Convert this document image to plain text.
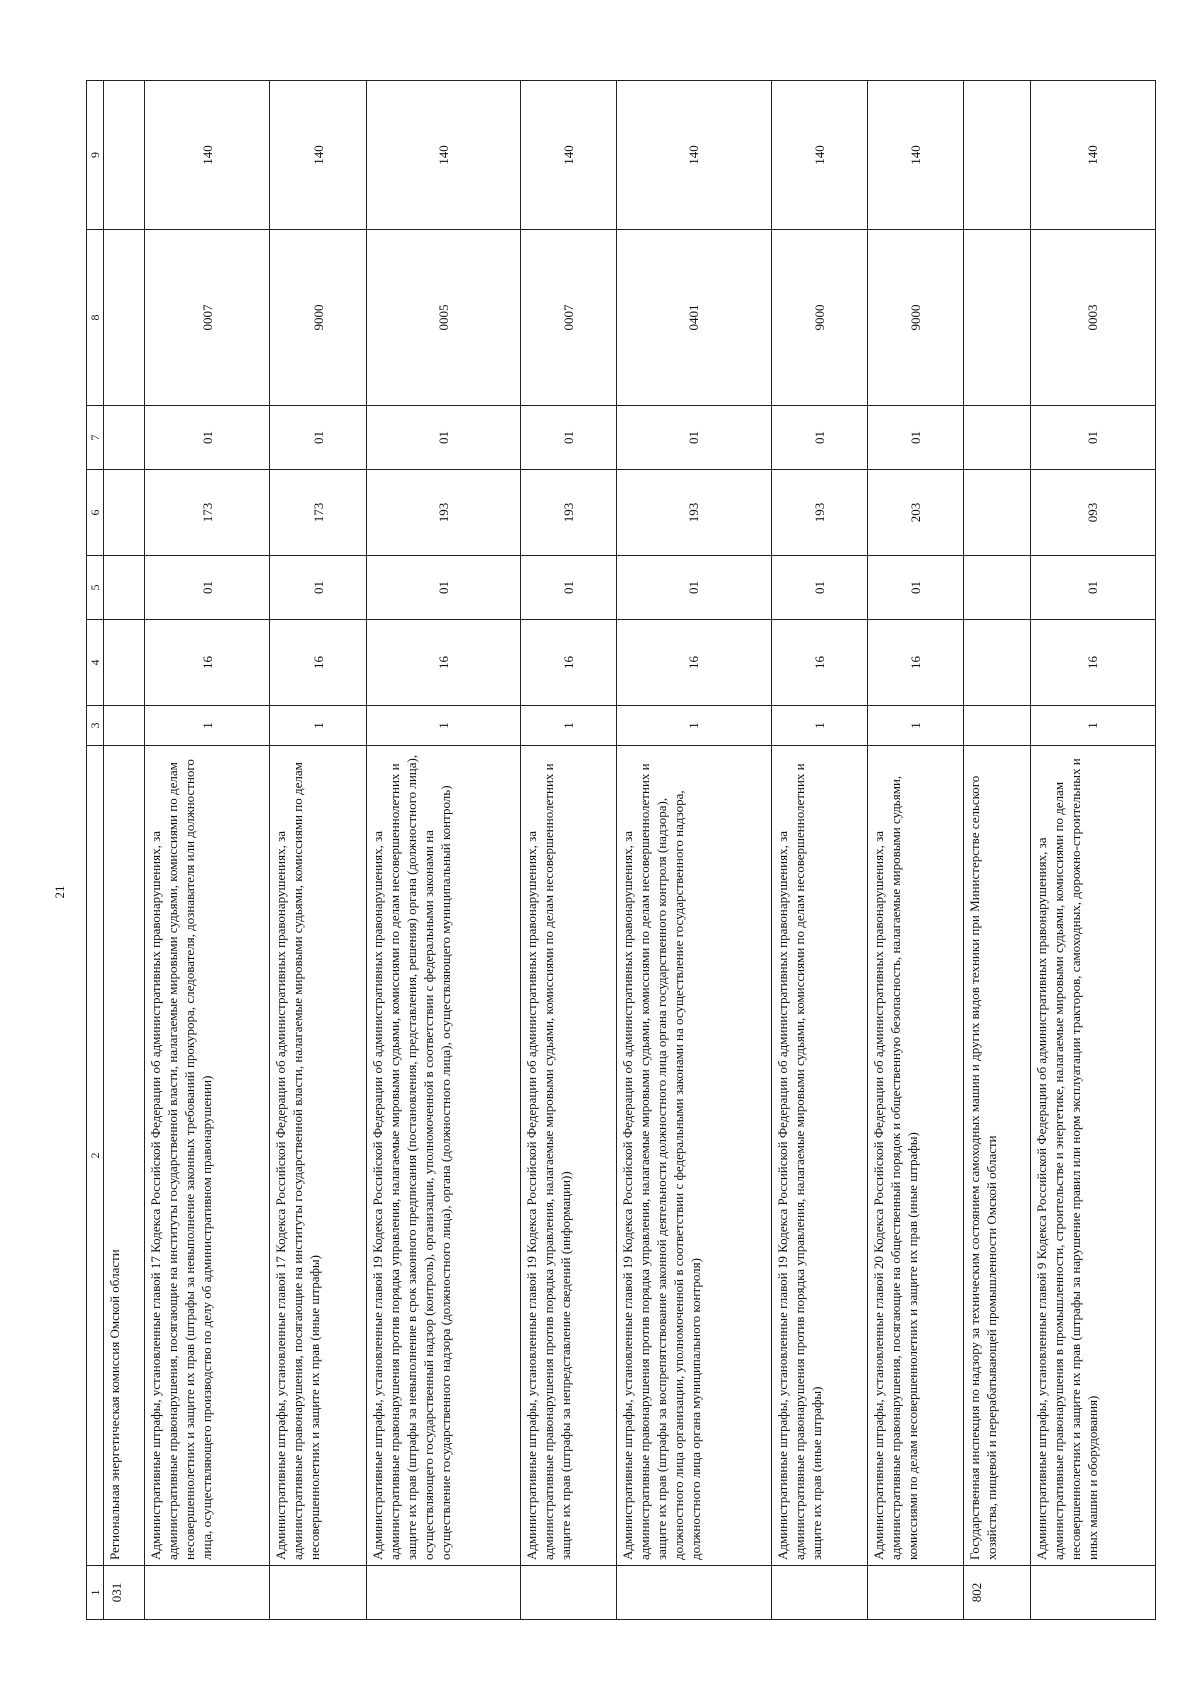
21
1	2	3	4	5	6	7	8	9
031	Региональная энергетическая комиссия Омской области							
	Административные штрафы, установленные главой 17 Кодекса Российской Федерации об административных правонарушениях, за административные правонарушения, посягающие на институты государственной власти, налагаемые мировыми судьями, комиссиями по делам несовершеннолетних и защите их прав (штрафы за невыполнение законных требований прокурора, следователя, дознавателя или должностного лица, осуществляющего производство по делу об административном правонарушении)	1	16	01	173	01	0007	140
	Административные штрафы, установленные главой 17 Кодекса Российской Федерации об административных правонарушениях, за административные правонарушения, посягающие на институты государственной власти, налагаемые мировыми судьями, комиссиями по делам несовершеннолетних и защите их прав (иные штрафы)	1	16	01	173	01	9000	140
	Административные штрафы, установленные главой 19 Кодекса Российской Федерации об административных правонарушениях, за административные правонарушения против порядка управления, налагаемые мировыми судьями, комиссиями по делам несовершеннолетних и защите их прав (штрафы за невыполнение в срок законного предписания (постановления, представления, решения) органа (должностного лица), осуществляющего государственный надзор (контроль), организации, уполномоченной в соответствии с федеральными законами на осуществление государственного надзора (должностного лица), органа (должностного лица), осуществляющего муниципальный контроль)	1	16	01	193	01	0005	140
	Административные штрафы, установленные главой 19 Кодекса Российской Федерации об административных правонарушениях, за административные правонарушения против порядка управления, налагаемые мировыми судьями, комиссиями по делам несовершеннолетних и защите их прав (штрафы за непредставление сведений (информации))	1	16	01	193	01	0007	140
	Административные штрафы, установленные главой 19 Кодекса Российской Федерации об административных правонарушениях, за административные правонарушения против порядка управления, налагаемые мировыми судьями, комиссиями по делам несовершеннолетних и защите их прав (штрафы за воспрепятствование законной деятельности должностного лица органа государственного контроля (надзора), должностного лица организации, уполномоченной в соответствии с федеральными законами на осуществление государственного надзора, должностного лица органа муниципального контроля)	1	16	01	193	01	0401	140
	Административные штрафы, установленные главой 19 Кодекса Российской Федерации об административных правонарушениях, за административные правонарушения против порядка управления, налагаемые мировыми судьями, комиссиями по делам несовершеннолетних и защите их прав (иные штрафы)	1	16	01	193	01	9000	140
	Административные штрафы, установленные главой 20 Кодекса Российской Федерации об административных правонарушениях, за административные правонарушения, посягающие на общественный порядок и общественную безопасность, налагаемые мировыми судьями, комиссиями по делам несовершеннолетних и защите их прав (иные штрафы)	1	16	01	203	01	9000	140
802	Государственная инспекция по надзору за техническим состоянием самоходных машин и других видов техники при Министерстве сельского хозяйства, пищевой и перерабатывающей промышленности Омской области							
	Административные штрафы, установленные главой 9 Кодекса Российской Федерации об административных правонарушениях, за административные правонарушения в промышленности, строительстве и энергетике, налагаемые мировыми судьями, комиссиями по делам несовершеннолетних и защите их прав (штрафы за нарушение правил или норм эксплуатации тракторов, самоходных, дорожно-строительных и иных машин и оборудования)	1	16	01	093	01	0003	140
